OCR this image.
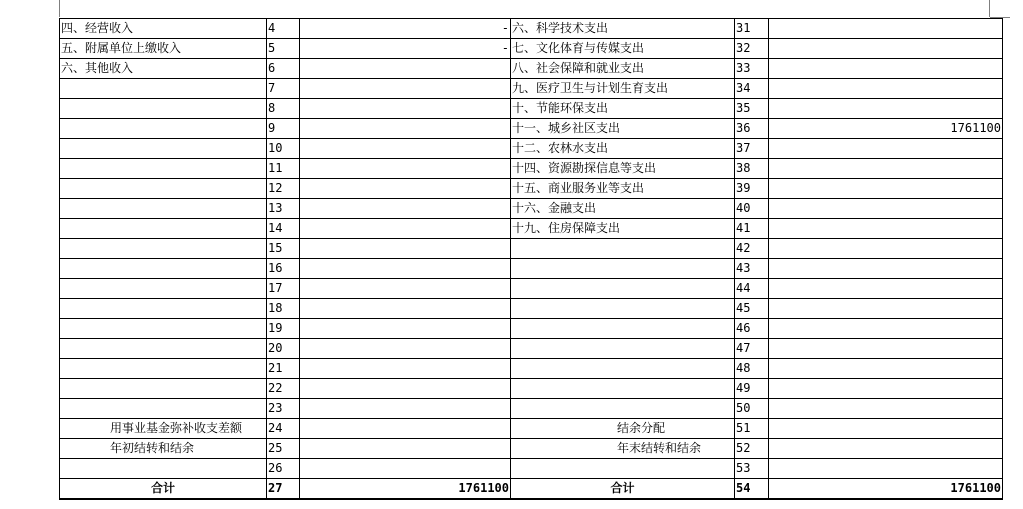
四、经营收入	4	-	六、科学技术支出	31	
五、附属单位上缴收入	5	-	七、文化体育与传媒支出	32	
六、其他收入	6		八、社会保障和就业支出	33	
	7		九、医疗卫生与计划生育支出	34	
	8		十、节能环保支出	35	
	9		十一、城乡社区支出	36	1761100
	10		十二、农林水支出	37	
	11		十四、资源勘探信息等支出	38	
	12		十五、商业服务业等支出	39	
	13		十六、金融支出	40	
	14		十九、住房保障支出	41	
	15			42	
	16			43	
	17			44	
	18			45	
	19			46	
	20			47	
	21			48	
	22			49	
	23			50	
用事业基金弥补收支差额	24		结余分配	51	
年初结转和结余	25		年末结转和结余	52	
	26			53	
合计	27	1761100	合计	54	1761100
